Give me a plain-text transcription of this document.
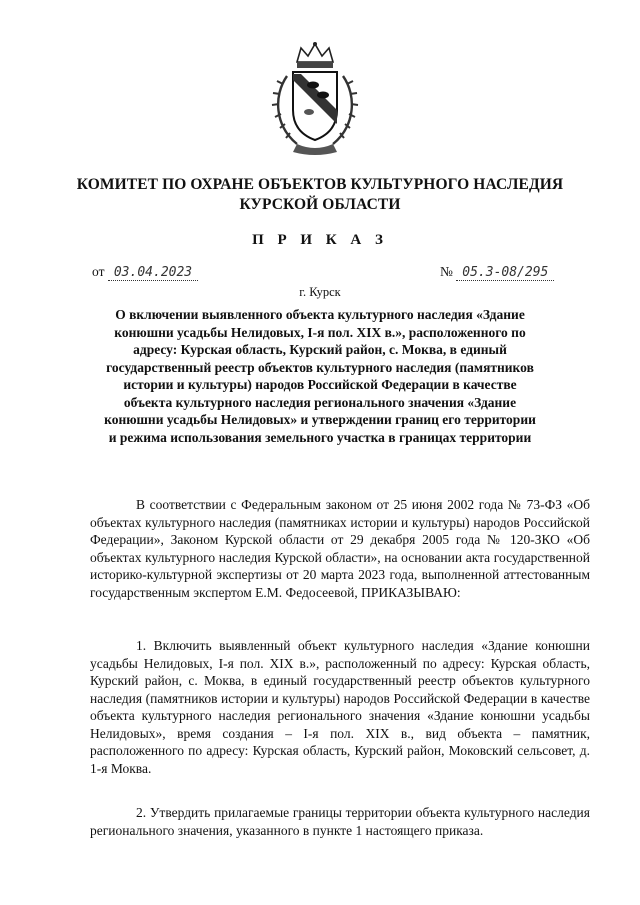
КОМИТЕТ ПО ОХРАНЕ ОБЪЕКТОВ КУЛЬТУРНОГО НАСЛЕДИЯ
КУРСКОЙ ОБЛАСТИ
П Р И К А З
от 03.04.2023	№ 05.3-08/295
г. Курск
О включении выявленного объекта культурного наследия «Здание конюшни усадьбы Нелидовых, I-я пол. XIX в.», расположенного по адресу: Курская область, Курский район, с. Моква, в единый государственный реестр объектов культурного наследия (памятников истории и культуры) народов Российской Федерации в качестве объекта культурного наследия регионального значения «Здание конюшни усадьбы Нелидовых» и утверждении границ его территории и режима использования земельного участка в границах территории

В соответствии с Федеральным законом от 25 июня 2002 года № 73-ФЗ «Об объектах культурного наследия (памятниках истории и культуры) народов Российской Федерации», Законом Курской области от 29 декабря 2005 года № 120-ЗКО «Об объектах культурного наследия Курской области», на основании акта государственной историко-культурной экспертизы от 20 марта 2023 года, выполненной аттестованным государственным экспертом Е.М. Федосеевой, ПРИКАЗЫВАЮ:

1. Включить выявленный объект культурного наследия «Здание конюшни усадьбы Нелидовых, I-я пол. XIX в.», расположенный по адресу: Курская область, Курский район, с. Моква, в единый государственный реестр объектов культурного наследия (памятников истории и культуры) народов Российской Федерации в качестве объекта культурного наследия регионального значения «Здание конюшни усадьбы Нелидовых», время создания – I-я пол. XIX в., вид объекта – памятник, расположенного по адресу: Курская область, Курский район, Моковский сельсовет, д. 1-я Моква.

2. Утвердить прилагаемые границы территории объекта культурного наследия регионального значения, указанного в пункте 1 настоящего приказа.
